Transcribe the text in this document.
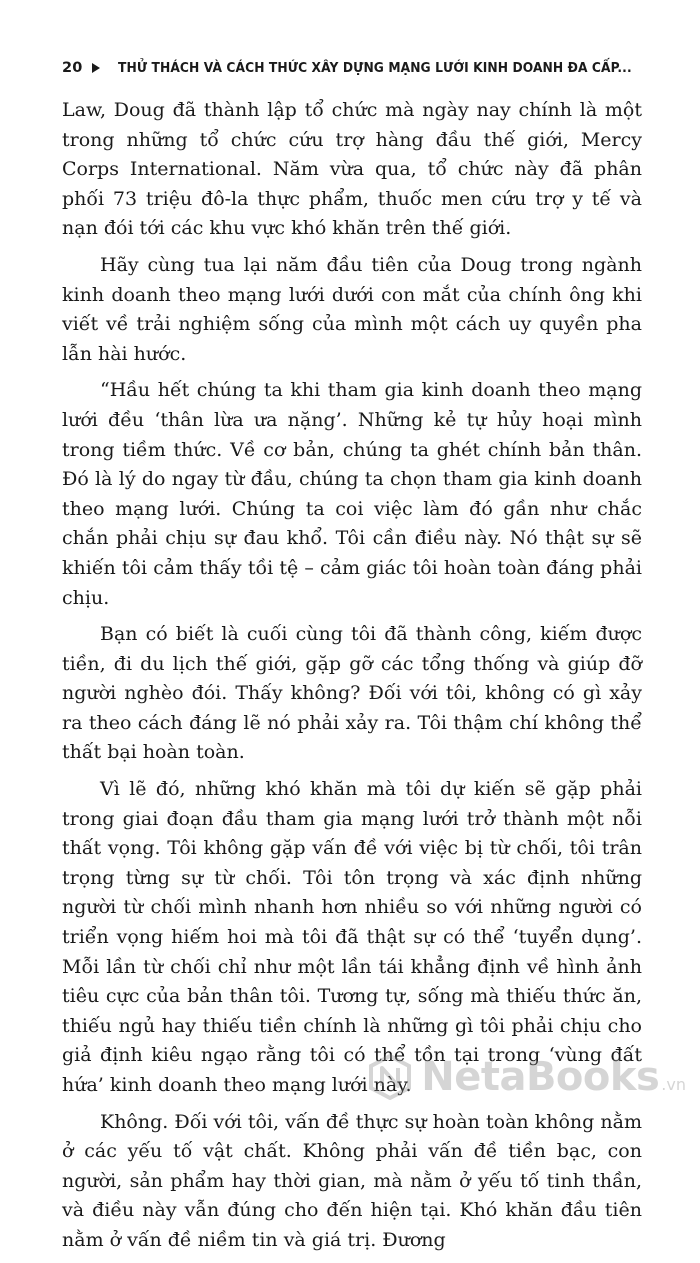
20	THỬ THÁCH VÀ CÁCH THỨC XÂY DỰNG MẠNG LƯỚI KINH DOANH ĐA CẤP...

Law, Doug đã thành lập tổ chức mà ngày nay chính là một trong những tổ chức cứu trợ hàng đầu thế giới, Mercy Corps International. Năm vừa qua, tổ chức này đã phân phối 73 triệu đô-la thực phẩm, thuốc men cứu trợ y tế và nạn đói tới các khu vực khó khăn trên thế giới.

Hãy cùng tua lại năm đầu tiên của Doug trong ngành kinh doanh theo mạng lưới dưới con mắt của chính ông khi viết về trải nghiệm sống của mình một cách uy quyền pha lẫn hài hước.

“Hầu hết chúng ta khi tham gia kinh doanh theo mạng lưới đều ‘thân lừa ưa nặng’. Những kẻ tự hủy hoại mình trong tiềm thức. Về cơ bản, chúng ta ghét chính bản thân. Đó là lý do ngay từ đầu, chúng ta chọn tham gia kinh doanh theo mạng lưới. Chúng ta coi việc làm đó gần như chắc chắn phải chịu sự đau khổ. Tôi cần điều này. Nó thật sự sẽ khiến tôi cảm thấy tồi tệ – cảm giác tôi hoàn toàn đáng phải chịu.

Bạn có biết là cuối cùng tôi đã thành công, kiếm được tiền, đi du lịch thế giới, gặp gỡ các tổng thống và giúp đỡ người nghèo đói. Thấy không? Đối với tôi, không có gì xảy ra theo cách đáng lẽ nó phải xảy ra. Tôi thậm chí không thể thất bại hoàn toàn.

Vì lẽ đó, những khó khăn mà tôi dự kiến sẽ gặp phải trong giai đoạn đầu tham gia mạng lưới trở thành một nỗi thất vọng. Tôi không gặp vấn đề với việc bị từ chối, tôi trân trọng từng sự từ chối. Tôi tôn trọng và xác định những người từ chối mình nhanh hơn nhiều so với những người có triển vọng hiếm hoi mà tôi đã thật sự có thể ‘tuyển dụng’. Mỗi lần từ chối chỉ như một lần tái khẳng định về hình ảnh tiêu cực của bản thân tôi. Tương tự, sống mà thiếu thức ăn, thiếu ngủ hay thiếu tiền chính là những gì tôi phải chịu cho giả định kiêu ngạo rằng tôi có thể tồn tại trong ‘vùng đất hứa’ kinh doanh theo mạng lưới này.

Không. Đối với tôi, vấn đề thực sự hoàn toàn không nằm ở các yếu tố vật chất. Không phải vấn đề tiền bạc, con người, sản phẩm hay thời gian, mà nằm ở yếu tố tinh thần, và điều này vẫn đúng cho đến hiện tại. Khó khăn đầu tiên nằm ở vấn đề niềm tin và giá trị. Đương

NetaBooks .vn
